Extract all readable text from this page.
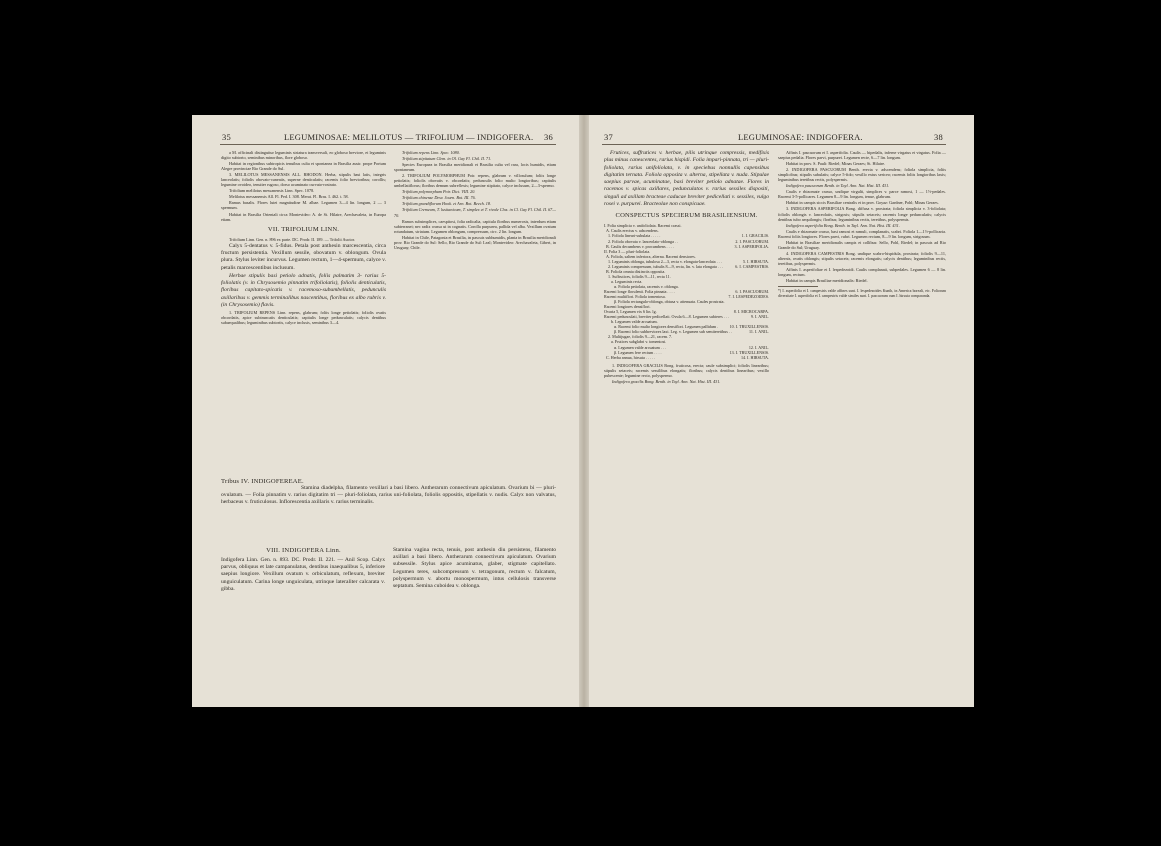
35	LEGUMINOSAE: MELILOTUS — TRIFOLIUM — INDIGOFERA. 36

a M. officinali distinguitur leguminis striatura transversali, eo globoso breviore, et leguminis digito subtorto, seminibus minoribus, flore globoso.

Habitat in regionibus subtropicis tenuibus culta et spontanea in Brasilia austr. prope Portum Alegre provinciae Rio Grande do Sul.

3. MELILOTUS MESSANENSIS ALL. RHODON. Herba, stipulis basi latis, integris lanceolatis; foliolis obovato-cuneatis, superne denticulatis; racemis folio brevioribus; corollis; legumine ovoideo, tenuiter rugoso, dorso acuminato curvato-rostrato.

Trifolium melilotus messanensis Linn. Spec. 1078.

Melilotus messanensis All. Fl. Ped. I. 308. Merat. Fl. Bras. I. 462. t. 58.

Ramus basalis. Flores lutei magnitudine M. albae. Legumen 3—4 lin. longum, 2 — 3 spermum.

Habitat in Brasilia Orientali circa Montevideo: A. de St. Hilaire, Arechavaleta, in Europa etiam.

VII. TRIFOLIUM LINN.

Trifolium Linn. Gen. n. 896 ex parte. DC. Prodr. II. 189. — Trifolii Auctor.

Calyx 5-dentatus v. 5-fidus. Petala post anthesin marcescentia, circa fructum persistentia. Vexillum sessile, obovatum v. oblongum. Ovula plura. Stylus leviter incurvus. Legumen rectum, 1—4-spermum, calyce v. petalis marcescentibus inclusum.

Herbae stipulis basi petiolo adnatis, foliis palmatim 3- rarius 5-foliolatis (v. in Chrysosemio pinnatim trifoliolatis), foliolis denticulatis, floribus capitato-spicatis v. racemoso-subumbellatis, pedunculis axillaribus v. gemmis terminalibus nascentibus, floribus ex albo rubris v. (in Chrysosemio) flavis.

1. TRIFOLIUM REPENS Linn. repens, glabrum; foliis longe petiolatis; foliolis ovatis obcordatis, apice subtruncatis denticulatis; capitulis longe pedunculatis; calycis dentibus subaequalibus; leguminibus subtortis, calyce inclusis, seminibus 3—4.

Trifolium repens Linn. Spec. 1080.

Trifolium stipitatum Clem. in Ol. Gay Fl. Chil. II. 71.

Species Europaea in Brasilia meridionali et Brasilia culta vel rara, locis humidis, etiam spontaneum.

2. TRIFOLIUM POLYMORPHUM Poir. repens, glabrum v. villosulum; foliis longe petiolatis; foliolis obovatis v. obcordatis; pedunculis folio multo longioribus; capitulis umbellatiflorus; floribus demum subreflexis; legumine stipitato, calyce inclusum, 2—3-spermo.

Trifolium polymorphum Poir. Dict. VIII. 20.

Trifolium chinense Desv. Journ. Bot. III. 76.

Trifolium grandiflorum Hook. et Arn. Bot. Beech. 18.

Trifolium Cremeum, T. lusitanicum, T. simplex et T. rivale Clos. in Cl. Gay Fl. Chil. II. 67—70.

Ramos subsimplices, caespitosi, folia radicalia, capitula floribus numerosis, interdum etiam subterranei; nec radix crassa ut in cognatis. Corolla purpurea, pallida vel alba. Vexillum ovatum rotundatum, striatum. Legumen oblongum, compressum, circ. 2 lin. longum.

Habitat in Chile, Patagonia et Brasilia, in pascuis subhumidis, planta in Brasilia meridionali prov. Rio Grande do Sul: Sello, Rio Grande do Sul: Leal; Montevideo: Arechavaleta, Gibert, in Uruguay, Chile.

Tribus IV. INDIGOFEREAE.
Stamina diadelpha, filamento vexillari a basi libero. Antherarum connectivum apiculatum. Ovarium bi — pluri-ovulatum. — Folia pinnatim v. rarius digitatim tri — pluri-foliolata, rarius uni-foliolata, foliolis oppositis, stipellatis v. nudis. Calyx non valvatus, herbaceus v. fruticulosus. Inflorescentia axillaris v. rarius terminalis.
VIII. INDIGOFERA Linn.
Indigofera Linn. Gen. n. 893. DC. Prodr. II. 221. — Anil Scop. Calyx parvus, obliquus et late campanulatus, dentibus inaequalibus 5, inferiore saepius longiore. Vexillum ovatum v. orbiculatum, reflexum, breviter unguiculatum. Carina longe unguiculata, utrinque lateraliter calcarata v. gibba.
Stamina vagina recta, tenuis, post anthesin diu persistens, filamento axillari a basi libero. Antherarum connectivum apiculatum. Ovarium subsessile. Stylus apice acuminatus, glaber, stigmate capitellato. Legumen teres, subcompressum v. tetragonum, rectum v. falcatum, polyspermum v. abortu monospermum, intus cellulosis transverse septatum. Semina cuboidea v. oblonga.
37	LEGUMINOSAE: INDIGOFERA.	38

Frutices, suffrutices v. herbae, pilis utrinque compressis, medifixis plus minus canescentes, rarius hispidi. Folia impari-pinnata, tri — pluri-foliolata, rarius unifoliolata, v. in speciebus nonnullis capensibus digitatim ternata. Foliola opposita v. alterna, stipellata v. nuda. Stipulae saepius parvae, acuminatae, basi breviter petiolo adnatae. Flores in racemos v. spicas axillares, pedunculatos v. rarius sessiles dispositi, singuli ad axillam bracteae caducae breviter pedicellati v. sessiles, vulgo rosei v. purpurei. Bracteolae non conspicuae.

CONSPECTUS SPECIERUM BRASILIENSIUM.
I. Folia simplicia v. unifoliolata. Racemi crassi.
A. Caulis erectus v. adscendens.
1. Foliola lineari-subulata . . . . .	1. I. GRACILIS.
2. Foliola obovata v. lanceolato-oblonga . .	2. I. PASCUORUM.
B. Caulis decumbens v. procumbens . . . .	3. I. ASPERIFOLIA.
II. Folia 3 — pluri-foliolata.
A. Foliola, saltem inferiora, alterna. Racemi densiores.
1. Leguminis oblonga, tubulosa 2—3, recta v. elongata-lanceolata . . .	5. I. HIRSUTA.
2. Leguminis compressum, tubulis 8—9, recta, lin. v. lata elongata . . .	6. I. CAMPESTRIS.
B. Foliola omnia distinctis opposita.
1. Suffrutices, foliolis 9—11, recta 11.
a. Leguminis recta.
α. Foliola petiolata, racemis v. oblonga.
Racemi longe florulenti. Folia pinnata . . . .	6. I. PASCUORUM.
Racemi multiflori. Foliola tomentosa.	7. I. LESPEDEZOIDES.
β. Foliola rectangulo-oblonga, obtusa v. attenuata. Caules prostrata.
Racemi longiores densiflori.
Ovaria 5, Legumen vix 6 lin. lg.	8. I. MICROCARPA.
Racemi pedunculati, breviter pedicellati. Ovula 6—8. Legumen subteres . . .	9. I. ANIL.
b. Legumen valde arcuatum.
α. Racemi folio multo longiores densiflori. Legumen pallidum .	10. I. TRUXILLENSIS.
β. Racemi folio subbreviores laxi. Leg. v. Legumen sub semiteretibus . .	11. I. ANIL.
2. Multijugae, foliolis 9—21, racem. 7.
a. Frutices subglabri v. tomentosi.
α. Legumen valde arcuatum . . .	12. I. ANIL.
β. Legumen fere rectum . . . .	13. I. TRUXILLENSIS.
C. Herba annua, hirsuta . . . . .	14. I. HIRSUTA.

1. INDIGOFERA GRACILIS Bong. fruticosa, erecta; caule subsimplici; foliolis linearibus; stipulis setaceis; racemis sessilibus elongatis; floribus; calycis dentibus linearibus; vexillo pubescente; legumine recto, polyspermo.

Indigofera gracilis Bong. Benth. in Tayl. Ann. Nat. Hist. III. 431.

Affinis I. pascuorum et I. asperifolia. Caulis — bipedalis, inferne virgatus et virgatus. Folia — saepius pedalia. Flores parvi, purpurei. Legumen recte, 6—7 lin. longum.

Habitat in prov. S. Pauli: Riedel; Minas Geraes; St. Hilaire.

2. INDIGOFERA PASCUORUM Benth. erecta v. adscendens; foliola simplicia, foliis simplicibus; stipulis subulatis; calyce 5-fido; vexillo extus sericeo; racemis foliis longioribus laxis; leguminibus teretibus rectis, polyspermis.

Indigofera pascuorum Benth. in Tayl. Ann. Nat. Hist. III. 431.

Caulis e rhizomate crasso, undique virgulti, simplices v. parce ramosi, 1 — 1½-pedales. Racemi 3-5-pollicares. Legumen 8—9 lin. longum, tenue, glabrum.

Habitat in campis siccis Brasiliae centralis et in prov. Goyaz: Gardner, Pohl; Minas Geraes.

3. INDIGOFERA ASPERIFOLIA Bong. diffusa v. prostrata; foliola simplicia v. 3-foliolata; foliolis oblongis v. lanceolatis, strigosis; stipulis setaceis; racemis longe pedunculatis; calycis dentibus tubo aequilongis; floribus; leguminibus rectis, teretibus, polyspermis.

Indigofera asperifolia Bong. Benth. in Tayl. Ann. Nat. Hist. III. 431.

Caulis e rhizomate crasso, basi ramosi et ramuli, complanatis, scabri. Foliola 1—1½-pollicaria. Racemi foliis longiores. Flores parvi, rubri. Legumen rectum, 8—9 lin. longum, strigosum.

Habitat in Brasiliae meridionalis campis et collibus: Sello, Pohl, Riedel; in pascuis ad Rio Grande do Sul; Uruguay.

4. INDIGOFERA CAMPESTRIS Bong. undique scabro-hispidula, prostrata; foliolis 9—11, alternis, ovatis oblongis; stipulis setaceis; racemis elongatis; calycis dentibus; leguminibus rectis, teretibus, polyspermis.

Affinis I. asperifoliae et I. lespedezoidi. Caulis complanati, subpedales. Legumen 6 — 8 lin. longum, rectum.

Habitat in campis Brasiliae meridionalis: Riedel.

*) I. asperifolia et I. campestris valde affines sunt. I. lespedezoides Kunth, in America boreali, etc. Foliorum diversitate I. asperifolia et I. campestris valde similes sunt. I. pascuorum cum I. hirsuta comparanda.
